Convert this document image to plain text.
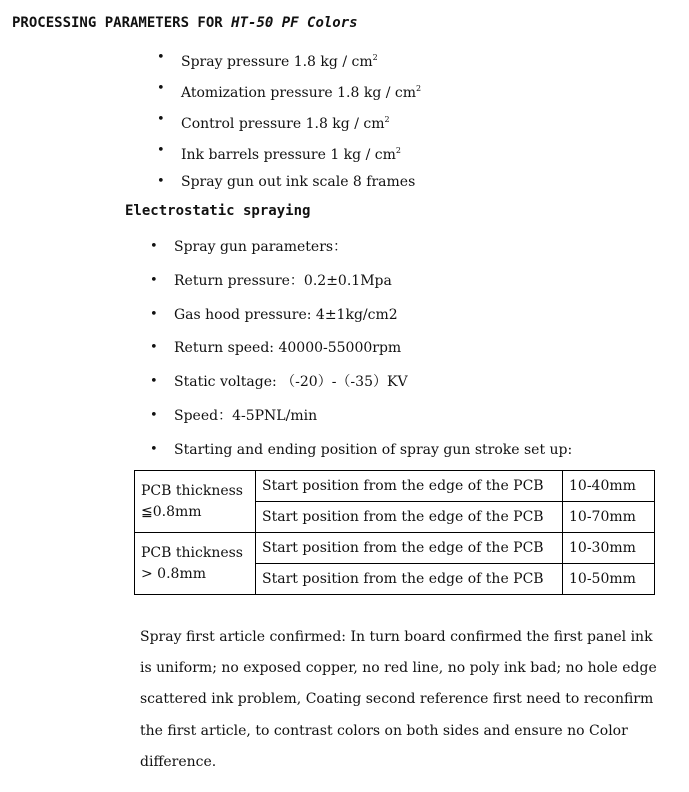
PROCESSING PARAMETERS FOR HT-50 PF Colors
• Spray pressure 1.8 kg / $cm^2$
• Atomization pressure 1.8 kg / $cm^2$
• Control pressure 1.8 kg / $cm^2$
• Ink barrels pressure 1 kg / $cm^2$
• Spray gun out ink scale 8 frames
Electrostatic spraying
• Spray gun parameters：
• Return pressure：0.2±0.1Mpa
• Gas hood pressure: 4±1kg/cm2
• Return speed: 40000-55000rpm
• Static voltage: （-20）-（-35）KV
• Speed：4-5PNL/min
• Starting and ending position of spray gun stroke set up:
PCB thickness ≦0.8mm	Start position from the edge of the PCB	10-40mm
	Start position from the edge of the PCB	10-70mm
PCB thickness > 0.8mm	Start position from the edge of the PCB	10-30mm
	Start position from the edge of the PCB	10-50mm
Spray first article confirmed: In turn board confirmed the first panel ink is uniform; no exposed copper, no red line, no poly ink bad; no hole edge scattered ink problem, Coating second reference first need to reconfirm the first article, to contrast colors on both sides and ensure no Color difference.
